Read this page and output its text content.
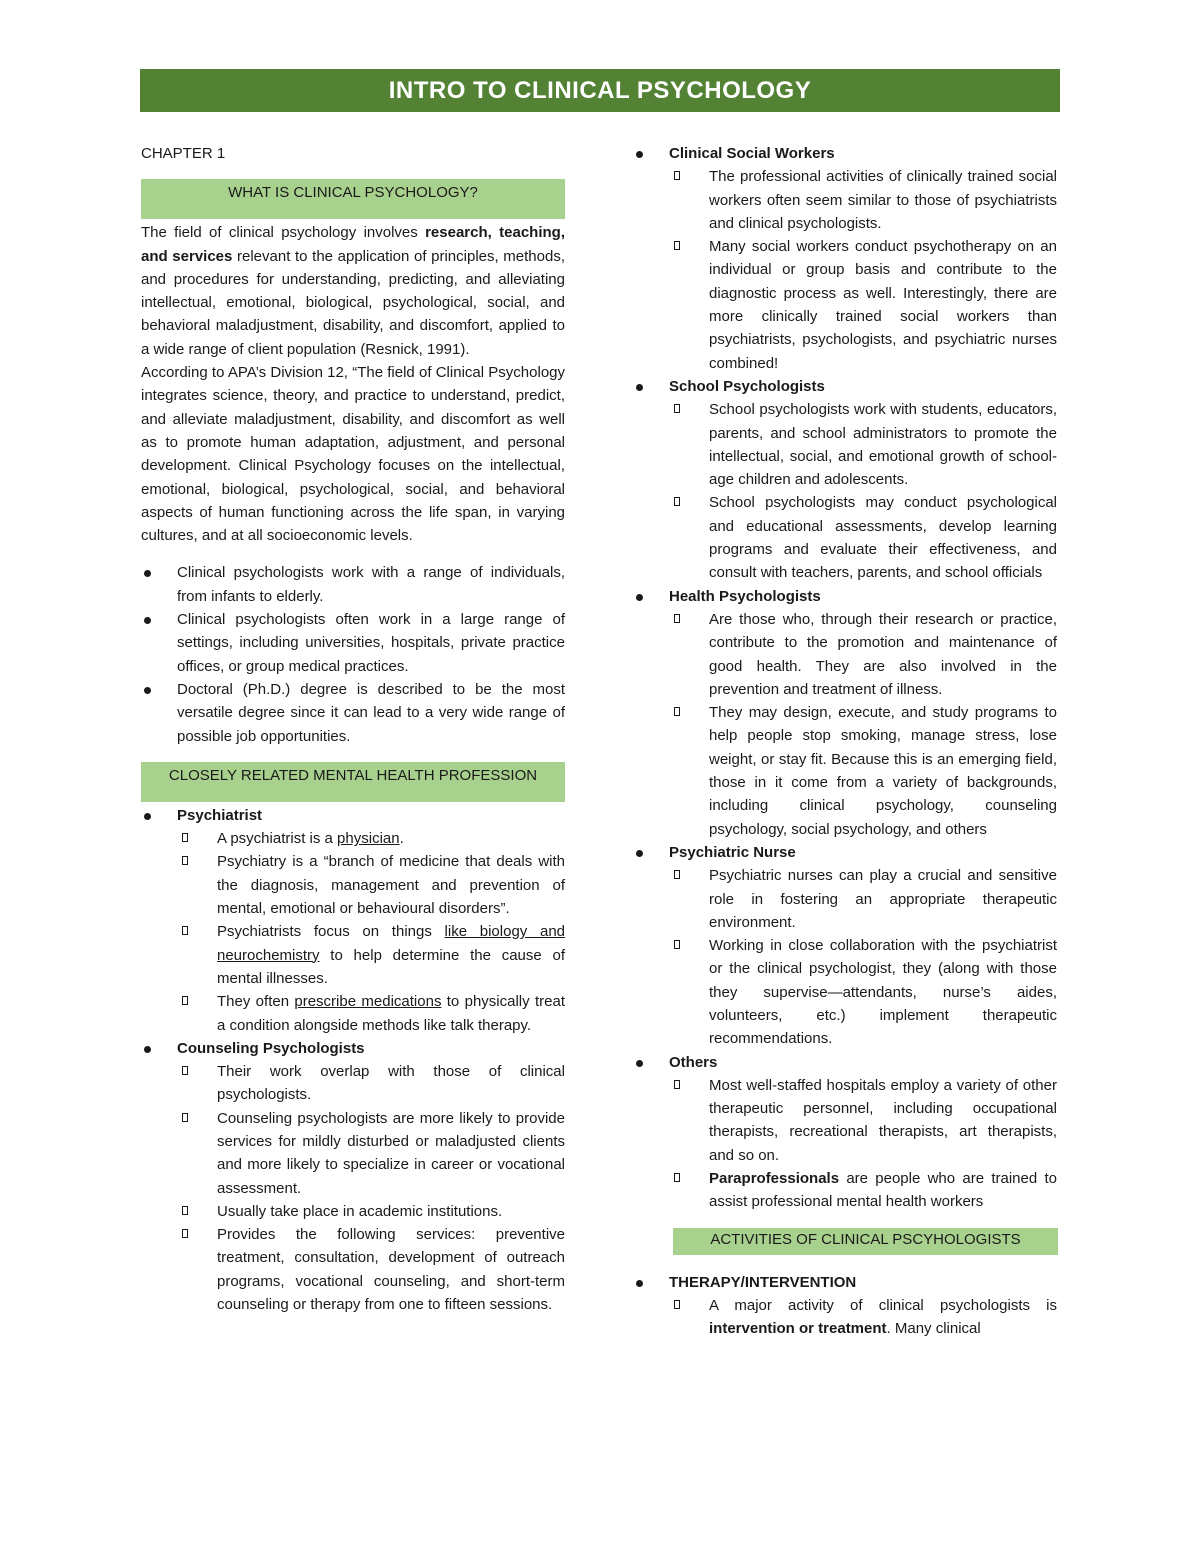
INTRO TO CLINICAL PSYCHOLOGY
CHAPTER 1
WHAT IS CLINICAL PSYCHOLOGY?

The field of clinical psychology involves research, teaching, and services relevant to the application of principles, methods, and procedures for understanding, predicting, and alleviating intellectual, emotional, biological, psychological, social, and behavioral maladjustment, disability, and discomfort, applied to a wide range of client population (Resnick, 1991).

According to APA’s Division 12, “The field of Clinical Psychology integrates science, theory, and practice to understand, predict, and alleviate maladjustment, disability, and discomfort as well as to promote human adaptation, adjustment, and personal development. Clinical Psychology focuses on the intellectual, emotional, biological, psychological, social, and behavioral aspects of human functioning across the life span, in varying cultures, and at all socioeconomic levels.

Clinical psychologists work with a range of individuals, from infants to elderly.
Clinical psychologists often work in a large range of settings, including universities, hospitals, private practice offices, or group medical practices.
Doctoral (Ph.D.) degree is described to be the most versatile degree since it can lead to a very wide range of possible job opportunities.
CLOSELY RELATED MENTAL HEALTH PROFESSION
Psychiatrist
A psychiatrist is a physician.
Psychiatry is a “branch of medicine that deals with the diagnosis, management and prevention of mental, emotional or behavioural disorders”.
Psychiatrists focus on things like biology and neurochemistry to help determine the cause of mental illnesses.
They often prescribe medications to physically treat a condition alongside methods like talk therapy.
Counseling Psychologists
Their work overlap with those of clinical psychologists.
Counseling psychologists are more likely to provide services for mildly disturbed or maladjusted clients and more likely to specialize in career or vocational assessment.
Usually take place in academic institutions.
Provides the following services: preventive treatment, consultation, development of outreach programs, vocational counseling, and short-term counseling or therapy from one to fifteen sessions.
Clinical Social Workers
The professional activities of clinically trained social workers often seem similar to those of psychiatrists and clinical psychologists.
Many social workers conduct psychotherapy on an individual or group basis and contribute to the diagnostic process as well. Interestingly, there are more clinically trained social workers than psychiatrists, psychologists, and psychiatric nurses combined!
School Psychologists
School psychologists work with students, educators, parents, and school administrators to promote the intellectual, social, and emotional growth of school-age children and adolescents.
School psychologists may conduct psychological and educational assessments, develop learning programs and evaluate their effectiveness, and consult with teachers, parents, and school officials
Health Psychologists
Are those who, through their research or practice, contribute to the promotion and maintenance of good health. They are also involved in the prevention and treatment of illness.
They may design, execute, and study programs to help people stop smoking, manage stress, lose weight, or stay fit. Because this is an emerging field, those in it come from a variety of backgrounds, including clinical psychology, counseling psychology, social psychology, and others
Psychiatric Nurse
Psychiatric nurses can play a crucial and sensitive role in fostering an appropriate therapeutic environment.
Working in close collaboration with the psychiatrist or the clinical psychologist, they (along with those they supervise—attendants, nurse’s aides, volunteers, etc.) implement therapeutic recommendations.
Others
Most well-staffed hospitals employ a variety of other therapeutic personnel, including occupational therapists, recreational therapists, art therapists, and so on.
Paraprofessionals are people who are trained to assist professional mental health workers
ACTIVITIES OF CLINICAL PSCYHOLOGISTS
THERAPY/INTERVENTION
A major activity of clinical psychologists is intervention or treatment. Many clinical
